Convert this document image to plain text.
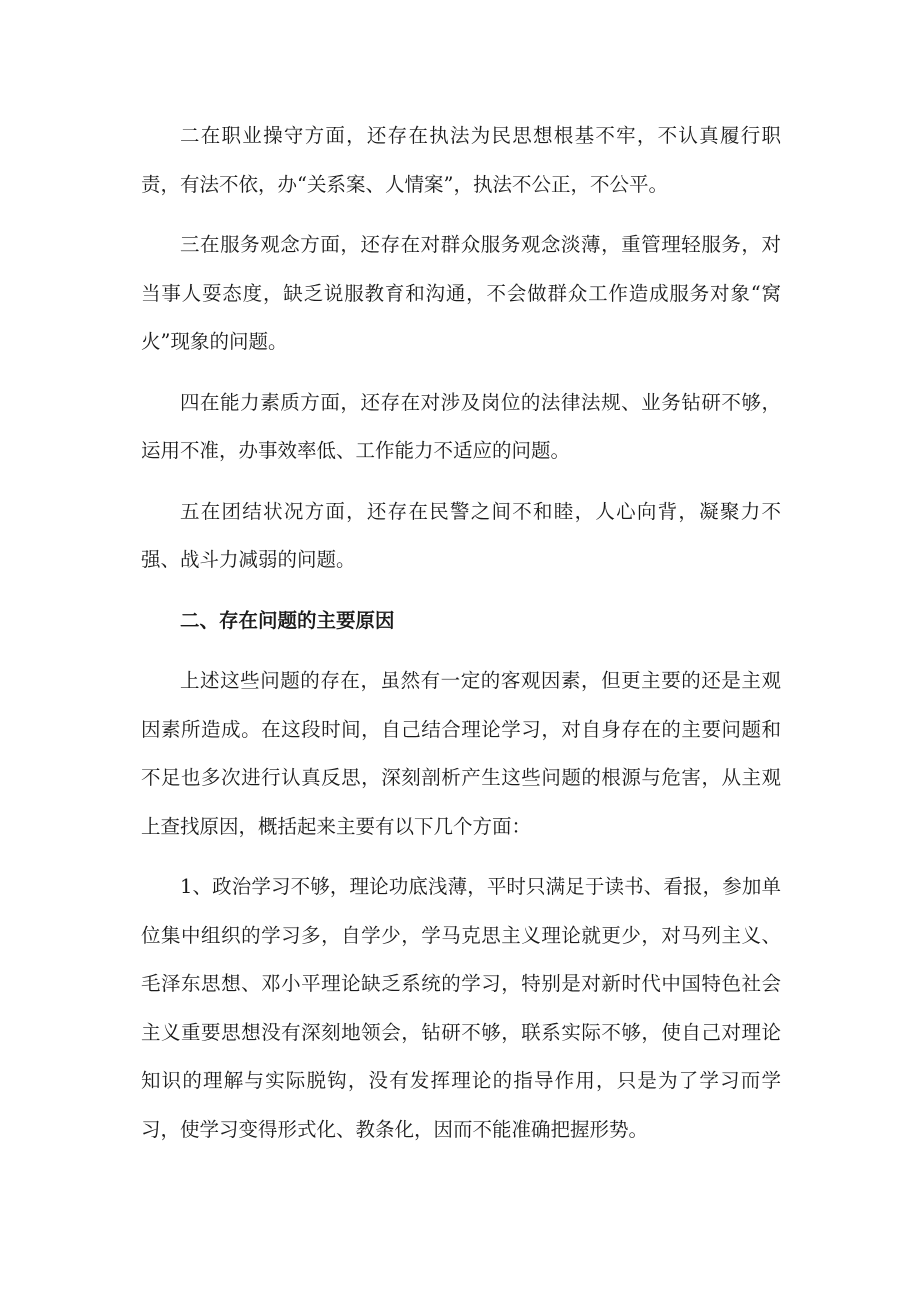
二在职业操守方面，还存在执法为民思想根基不牢，不认真履行职责，有法不依，办“关系案、人情案”，执法不公正，不公平。

三在服务观念方面，还存在对群众服务观念淡薄，重管理轻服务，对当事人耍态度，缺乏说服教育和沟通，不会做群众工作造成服务对象“窝火”现象的问题。

四在能力素质方面，还存在对涉及岗位的法律法规、业务钻研不够，运用不准，办事效率低、工作能力不适应的问题。

五在团结状况方面，还存在民警之间不和睦，人心向背，凝聚力不强、战斗力减弱的问题。

二、存在问题的主要原因

上述这些问题的存在，虽然有一定的客观因素，但更主要的还是主观因素所造成。在这段时间，自己结合理论学习，对自身存在的主要问题和不足也多次进行认真反思，深刻剖析产生这些问题的根源与危害，从主观上查找原因，概括起来主要有以下几个方面：

1、政治学习不够，理论功底浅薄，平时只满足于读书、看报，参加单位集中组织的学习多，自学少，学马克思主义理论就更少，对马列主义、毛泽东思想、邓小平理论缺乏系统的学习，特别是对新时代中国特色社会主义重要思想没有深刻地领会，钻研不够，联系实际不够，使自己对理论知识的理解与实际脱钩，没有发挥理论的指导作用，只是为了学习而学习，使学习变得形式化、教条化，因而不能准确把握形势。
